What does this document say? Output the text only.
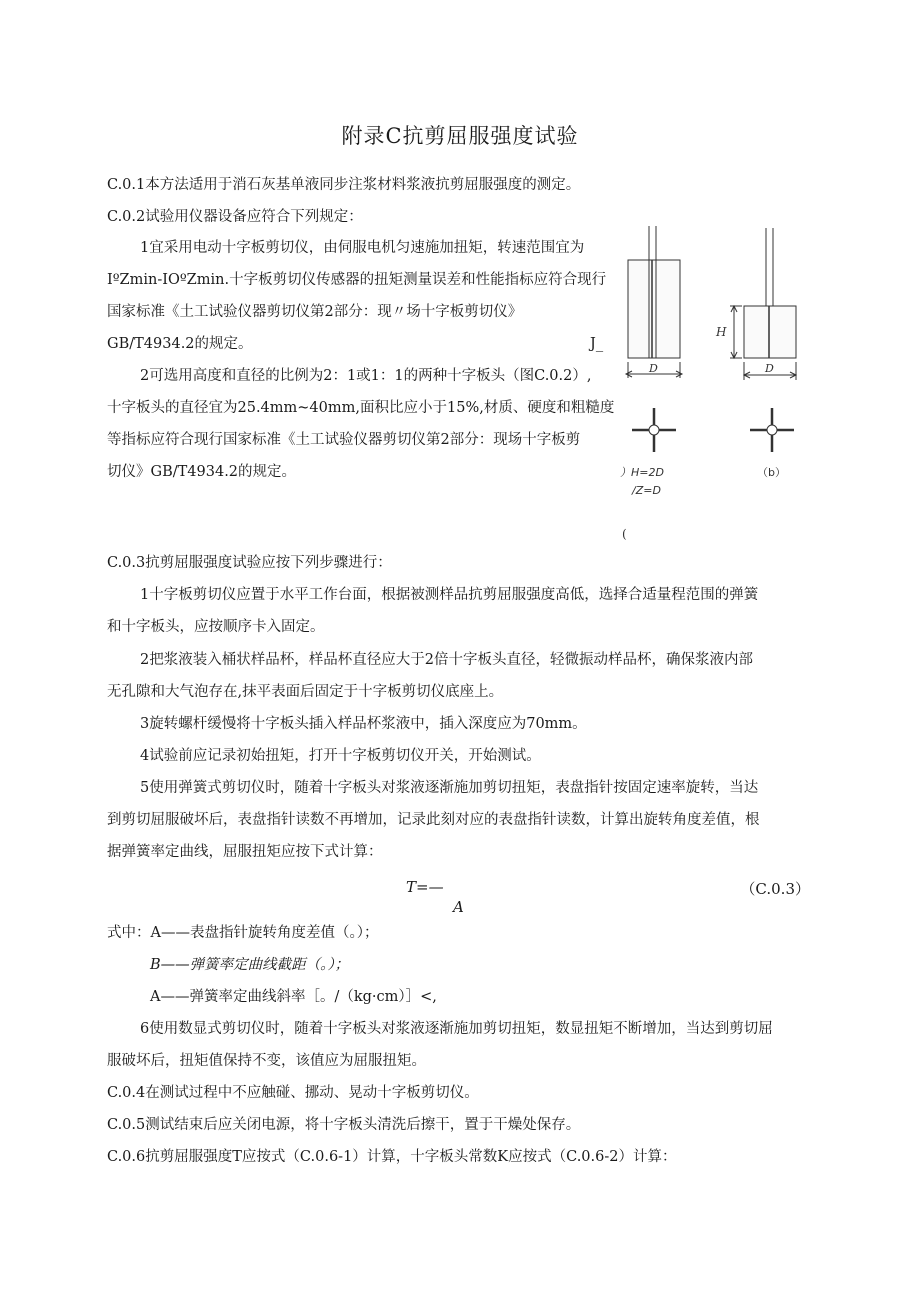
附录C抗剪屈服强度试验
C.0.1本方法适用于消石灰基单液同步注浆材料浆液抗剪屈服强度的测定。
C.0.2试验用仪器设备应符合下列规定：
1宜采用电动十字板剪切仪，由伺服电机匀速施加扭矩，转速范围宜为
IºZmin-IOºZmin.十字板剪切仪传感器的扭矩测量误差和性能指标应符合现行
国家标准《土工试验仪器剪切仪第2部分：现〃场十字板剪切仪》
GB/T4934.2的规定。	J_
2可选用高度和直径的比例为2：1或1：1的两种十字板头（图C.0.2）,
十字板头的直径宜为25.4mm~40mm,面积比应小于15%,材质、硬度和粗糙度
等指标应符合现行国家标准《土工试验仪器剪切仪第2部分：现场十字板剪
切仪》GB/T4934.2的规定。
H
D	D
）H=2D
/Z=D
（b）
(
C.0.3抗剪屈服强度试验应按下列步骤进行：
1十字板剪切仪应置于水平工作台面，根据被测样品抗剪屈服强度高低，选择合适量程范围的弹簧
和十字板头，应按顺序卡入固定。
2把浆液装入桶状样品杯，样品杯直径应大于2倍十字板头直径，轻微振动样品杯，确保浆液内部
无孔隙和大气泡存在,抹平表面后固定于十字板剪切仪底座上。
3旋转螺杆缓慢将十字板头插入样品杯浆液中，插入深度应为70mm。
4试验前应记录初始扭矩，打开十字板剪切仪开关，开始测试。
5使用弹簧式剪切仪时，随着十字板头对浆液逐渐施加剪切扭矩，表盘指针按固定速率旋转，当达
到剪切屈服破坏后，表盘指针读数不再增加，记录此刻对应的表盘指针读数，计算出旋转角度差值，根
据弹簧率定曲线，屈服扭矩应按下式计算：
T=—
A
（C.0.3）
式中：A——表盘指针旋转角度差值（。）；
B——弹簧率定曲线截距（。）；
A——弹簧率定曲线斜率［。/（kg·cm）］<,
6使用数显式剪切仪时，随着十字板头对浆液逐渐施加剪切扭矩，数显扭矩不断增加，当达到剪切屈
服破坏后，扭矩值保持不变，该值应为屈服扭矩。
C.0.4在测试过程中不应触碰、挪动、晃动十字板剪切仪。
C.0.5测试结束后应关闭电源，将十字板头清洗后擦干，置于干燥处保存。
C.0.6抗剪屈服强度T应按式（C.0.6-1）计算，十字板头常数K应按式（C.0.6-2）计算：
